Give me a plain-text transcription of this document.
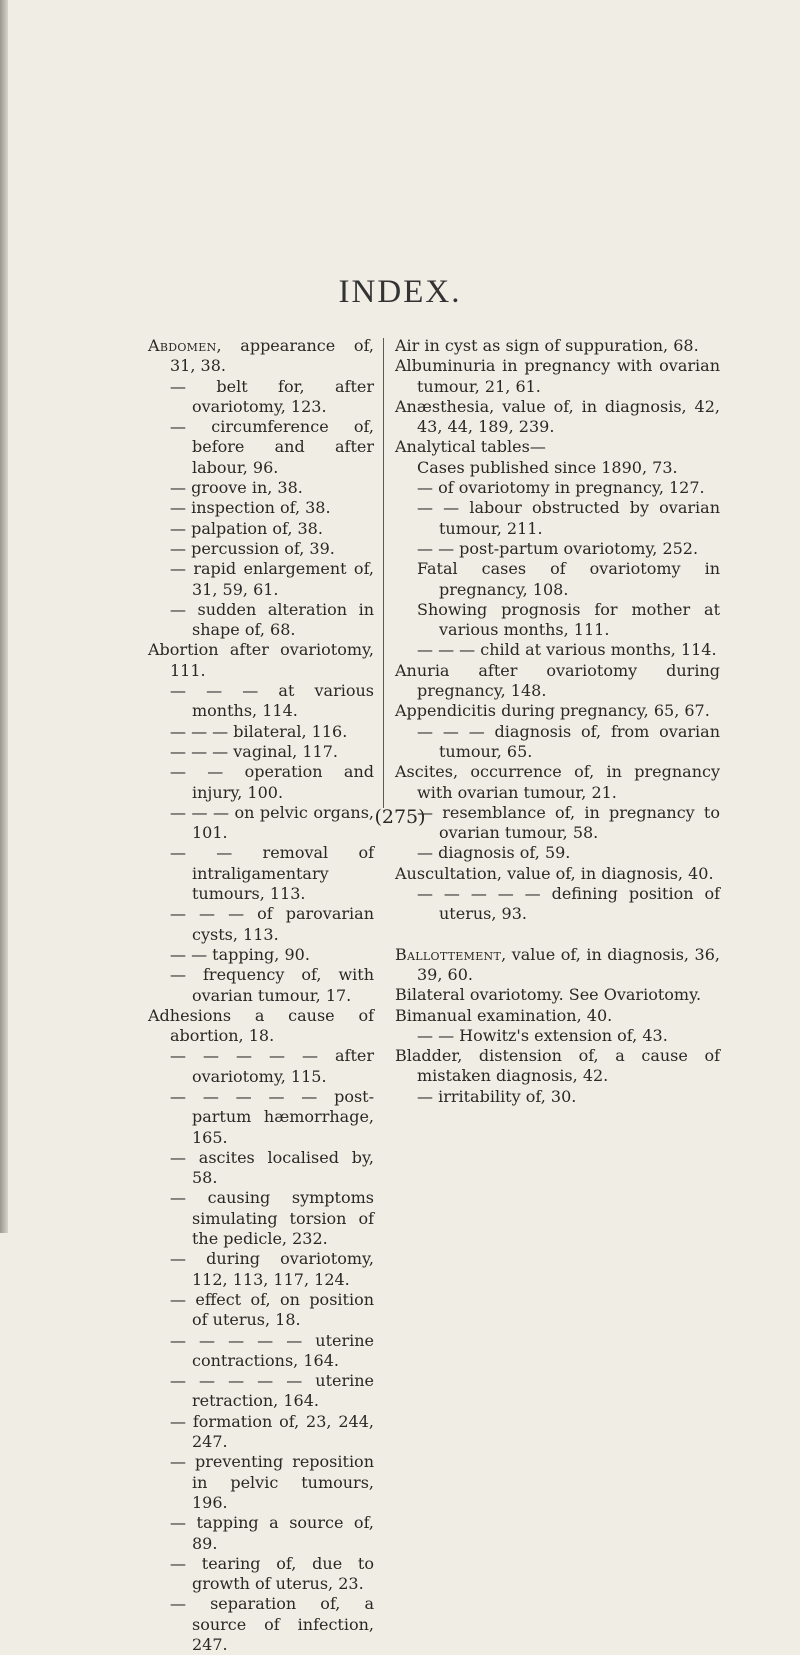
INDEX.

Abdomen, appearance of, 31, 38.

— belt for, after ovariotomy, 123.

— circumference of, before and after labour, 96.

— groove in, 38.

— inspection of, 38.

— palpation of, 38.

— percussion of, 39.

— rapid enlargement of, 31, 59, 61.

— sudden alteration in shape of, 68.

Abortion after ovariotomy, 111.

— — — at various months, 114.

— — — bilateral, 116.

— — — vaginal, 117.

— — operation and injury, 100.

— — — on pelvic organs, 101.

— — removal of intraligamentary tumours, 113.

— — — of parovarian cysts, 113.

— — tapping, 90.

— frequency of, with ovarian tumour, 17.

Adhesions a cause of abortion, 18.

— — — — — after ovariotomy, 115.

— — — — — post-partum hæmorrhage, 165.

— ascites localised by, 58.

— causing symptoms simulating torsion of the pedicle, 232.

— during ovariotomy, 112, 113, 117, 124.

— effect of, on position of uterus, 18.

— — — — — uterine contractions, 164.

— — — — — uterine retraction, 164.

— formation of, 23, 244, 247.

— preventing reposition in pelvic tumours, 196.

— tapping a source of, 89.

— tearing of, due to growth of uterus, 23.

— separation of, a source of infection, 247.

Air in cyst as sign of suppuration, 68.

Albuminuria in pregnancy with ovarian tumour, 21, 61.

Anæsthesia, value of, in diagnosis, 42, 43, 44, 189, 239.

Analytical tables—

Cases published since 1890, 73.

— of ovariotomy in pregnancy, 127.

— — labour obstructed by ovarian tumour, 211.

— — post-partum ovariotomy, 252.

Fatal cases of ovariotomy in pregnancy, 108.

Showing prognosis for mother at various months, 111.

— — — child at various months, 114.

Anuria after ovariotomy during pregnancy, 148.

Appendicitis during pregnancy, 65, 67.

— — — diagnosis of, from ovarian tumour, 65.

Ascites, occurrence of, in pregnancy with ovarian tumour, 21.

— resemblance of, in pregnancy to ovarian tumour, 58.

— diagnosis of, 59.

Auscultation, value of, in diagnosis, 40.

— — — — — defining position of uterus, 93.

Ballottement, value of, in diagnosis, 36, 39, 60.

Bilateral ovariotomy. See Ovariotomy.

Bimanual examination, 40.

— — Howitz's extension of, 43.

Bladder, distension of, a cause of mistaken diagnosis, 42.

— irritability of, 30.

(275)
